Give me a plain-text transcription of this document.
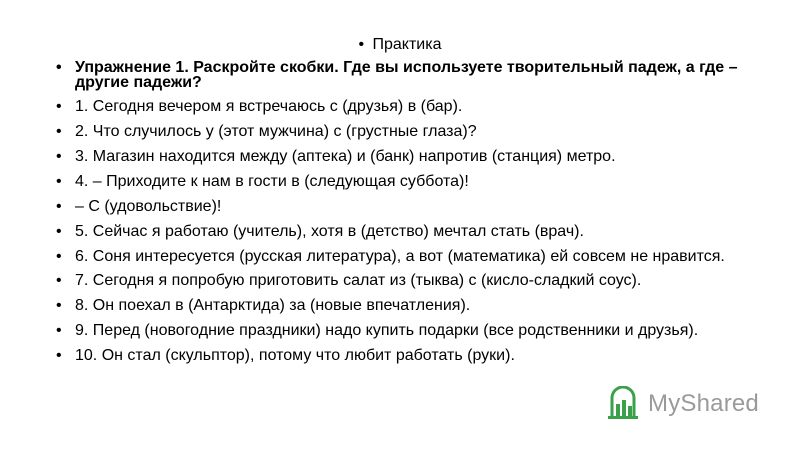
• Практика
• Упражнение 1. Раскройте скобки. Где вы используете творительный падеж, а где – другие падежи?
• 1. Сегодня вечером я встречаюсь с (друзья) в (бар).
• 2. Что случилось у (этот мужчина) с (грустные глаза)?
• 3. Магазин находится между (аптека) и (банк) напротив (станция) метро.
• 4. – Приходите к нам в гости в (следующая суббота)!
• – С (удовольствие)!
• 5. Сейчас я работаю (учитель), хотя в (детство) мечтал стать (врач).
• 6. Соня интересуется (русская литература), а вот (математика) ей совсем не нравится.
• 7. Сегодня я попробую приготовить салат из (тыква) с (кисло-сладкий соус).
• 8. Он поехал в (Антарктида) за (новые впечатления).
• 9. Перед (новогодние праздники) надо купить подарки (все родственники и друзья).
• 10. Он стал (скульптор), потому что любит работать (руки).
MyShared
